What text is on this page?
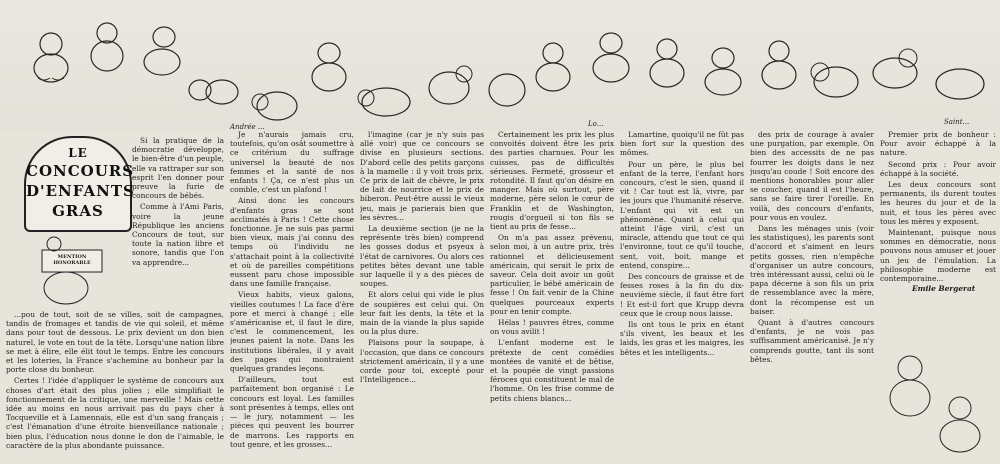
Andrée ...	Lo...	Saint...
LE
CONCOURS
D'ENFANTS
GRAS
MENTION HONORABLE

Si la pratique de la démocratie développe, le bien-être d'un peuple, elle va rattraper sur son esprit l'en donner pour preuve la furie de concours de bébés.

Comme à l'Ami Paris, voire la jeune République les anciens Concours de tout, sur toute la nation libre et sonore, tandis que l'on va apprendre...

...pou de tout, soit de se villes, soit de campagnes, tandis de fromages et tandis de vie qui soleil, et même dans pour tout de dessous. Le prix devient un don bien naturel, le vote en tout de la tête. Lorsqu'une nation libre se met à élire, elle élit tout le temps. Entre les concours et les loteries, la France s'achemine au bonheur par la porte close du bonheur.

Certes ! l'idée d'appliquer le système de concours aux choses d'art était des plus jolies ; elle simplifiait le fonctionnement de la critique, une merveille ! Mais cette idée au moins en nous arrivait pas du pays cher à Tocqueville et à Lamennais, elle est d'un sang français ; c'est l'émanation d'une étroite bienveillance nationale ; bien plus, l'éducation nous donne le don de l'aimable, le caractère de la plus abondante puissance.

Je n'aurais jamais cru, toutefois, qu'on osât soumettre à ce critérium du suffrage universel la beauté de nos femmes et la santé de nos enfants ! Ça, ce n'est plus un comble, c'est un plafond !

Ainsi donc les concours d'enfants gras se sont acclimatés à Paris ! Cette chose fonctionne. Je ne suis pas parmi bien vieux, mais j'ai connu des temps où l'individu ne s'attachait point à la collectivité et où de pareilles compétitions eussent paru chose impossible dans une famille française.

Vieux habits, vieux galons, vieilles coutumes ! La face d'ère pore et merci à changé ; elle s'américanise et, il faut le dire, c'est le commencement, les jeunes paient la note. Dans les institutions libérales, il y avait des pages qui montraient quelques grandes leçons.

D'ailleurs, tout est parfaitement bon organisé : Le concours est loyal. Les familles sont présentes à temps, elles ont — le jury, notamment — les pièces qui peuvent les bourrer de marrons. Les rapports en tout genre, et les grosses...

l'imagine (car je n'y suis pas allé voir) que ce concours se divise en plusieurs sections. D'abord celle des petits garçons à la mamelle : il y voit trois prix. Ce prix de lait de chèvre, le prix de lait de nourrice et le prix de biberon. Peut-être aussi le vieux jeu, mais je parierais bien que les sèvres...

La deuxième section (je ne la représente très bien) comprend les gosses dodus et psyeux à l'état de carnivores. Ou alors ces petites bêtes devant une table sur laquelle il y a des pièces de soupes.

Et alors celui qui vide le plus de soupières est celui qui. On leur fait les dents, la tête et la main de la viande la plus sapide ou la plus dure.

Plaisons pour la soupape, à l'occasion, que dans ce concours strictement américain, il y a une corde pour toi, excepté pour l'Intelligence...

Certainement les prix les plus convoités doivent être les prix des parties charnues. Pour les cuisses, pas de difficultés sérieuses. Fermeté, grosseur et rotondité. Il faut qu'on désire en manger. Mais où surtout, père moderne, père selon le cœur de Franklin et de Washington, rougis d'orgueil si ton fils se tient au prix de fesse...

On m'a pas assez prévenu, selon moi, à un autre prix, très rationnel et délicieusement américain, qui serait le prix de saveur. Cela doit avoir un goût particulier, le bébé américain de fesse ! On fait venir de la Chine quelques pourceaux experts pour en tenir compte.

Hélas ! pauvres êtres, comme on vous avilit !

L'enfant moderne est le prétexte de cent comédies montées de vanité et de bêtise, et la poupée de vingt passions féroces qui constituent le mal de l'homme. On les frise comme de petits chiens blancs...

Lamartine, quoiqu'il ne fût pas bien fort sur la question des mômes.

Pour un père, le plus bel enfant de la terre, l'enfant hors concours, c'est le sien, quand il vit ! Car tout est là, vivre, par les jours que l'humanité réserve. L'enfant qui vit est un phénomène. Quant à celui qui atteint l'âge viril, c'est un miracle, attendu que tout ce qui l'environne, tout ce qu'il touche, sent, voit, boit, mange et entend, conspire...

Des concours de graisse et de fesses roses à la fin du dix-neuvième siècle, il faut être fort ! Et est-il fort que Krupp devra ceux que le croup nous laisse.

Ils ont tous le prix en étant s'ils vivent, les beaux et les laids, les gras et les maigres, les bêtes et les intelligents...

des prix de courage à avaler une purgation, par exemple. On bien des accessits de ne pas fourrer les doigts dans le nez jusqu'au coude ! Soit encore des mentions honorables pour aller se coucher, quand il est l'heure, sans se faire tirer l'oreille. En voilà, des concours d'enfants, pour vous en voulez.

Dans les ménages unis (voir les statistiques), les parents sont d'accord et s'aiment en leurs petits gosses, rien n'empêche d'organiser un autre concours, très intéressant aussi, celui où le papa décerne à son fils un prix de ressemblance avec la mère, dont la récompense est un baiser.

Quant à d'autres concours d'enfants, je ne vois pas suffisamment américanisé. Je n'y comprends goutte, tant ils sont bêtes.

Premier prix de bonheur : Pour avoir échappé à la nature.

Second prix : Pour avoir échappé à la société.

Les deux concours sont permanents, ils durent toutes les heures du jour et de la nuit, et tous les pères avec tous les mères y exposent.

Maintenant, puisque nous sommes en démocratie, nous pouvons nous amuser et jouer un jeu de l'émulation. La philosophie moderne est contemporaine...

Emile Bergerat
